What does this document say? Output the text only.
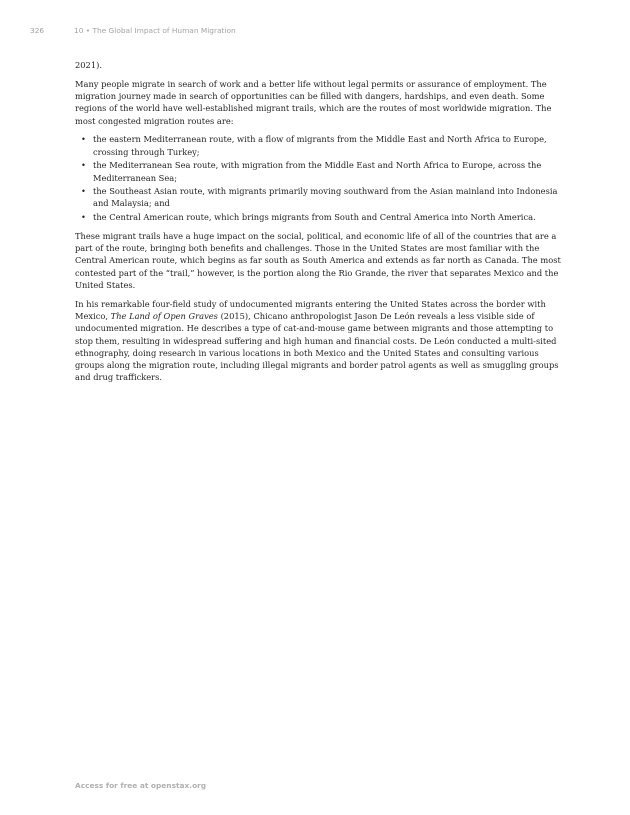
326	10 • The Global Impact of Human Migration

2021).

Many people migrate in search of work and a better life without legal permits or assurance of employment. The migration journey made in search of opportunities can be filled with dangers, hardships, and even death. Some regions of the world have well-established migrant trails, which are the routes of most worldwide migration. The most congested migration routes are:

• the eastern Mediterranean route, with a flow of migrants from the Middle East and North Africa to Europe, crossing through Turkey;
• the Mediterranean Sea route, with migration from the Middle East and North Africa to Europe, across the Mediterranean Sea;
• the Southeast Asian route, with migrants primarily moving southward from the Asian mainland into Indonesia and Malaysia; and
• the Central American route, which brings migrants from South and Central America into North America.

These migrant trails have a huge impact on the social, political, and economic life of all of the countries that are a part of the route, bringing both benefits and challenges. Those in the United States are most familiar with the Central American route, which begins as far south as South America and extends as far north as Canada. The most contested part of the “trail,” however, is the portion along the Rio Grande, the river that separates Mexico and the United States.

In his remarkable four-field study of undocumented migrants entering the United States across the border with Mexico, The Land of Open Graves (2015), Chicano anthropologist Jason De León reveals a less visible side of undocumented migration. He describes a type of cat-and-mouse game between migrants and those attempting to stop them, resulting in widespread suffering and high human and financial costs. De León conducted a multi-sited ethnography, doing research in various locations in both Mexico and the United States and consulting various groups along the migration route, including illegal migrants and border patrol agents as well as smuggling groups and drug traffickers.

Access for free at openstax.org
